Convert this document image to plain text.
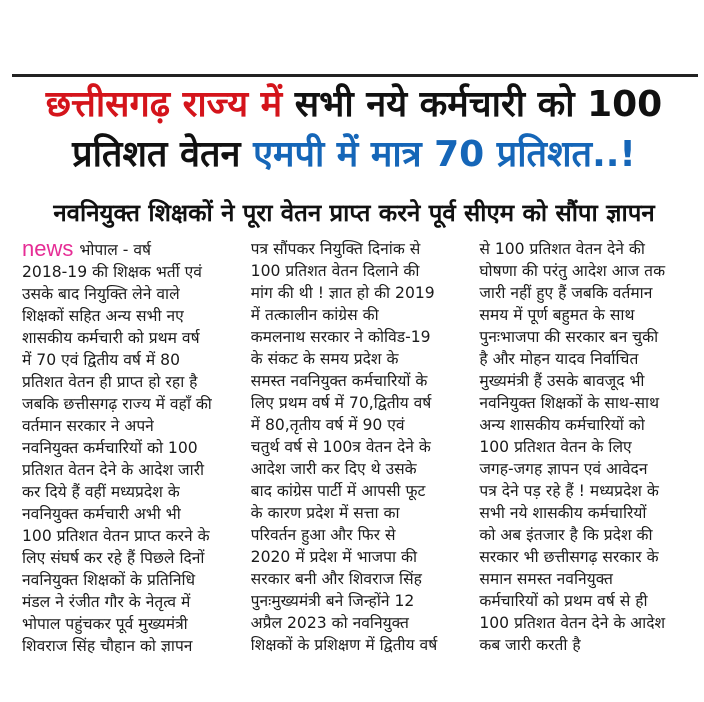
छत्तीसगढ़ राज्य में सभी नये कर्मचारी को 100
प्रतिशत वेतन एमपी में मात्र 70 प्रतिशत..!
नवनियुक्त शिक्षकों ने पूरा वेतन प्राप्त करने पूर्व सीएम को सौंपा ज्ञापन
news भोपाल - वर्ष
2018-19 की शिक्षक भर्ती एवं
उसके बाद नियुक्ति लेने वाले
शिक्षकों सहित अन्य सभी नए
शासकीय कर्मचारी को प्रथम वर्ष
में 70 एवं द्वितीय वर्ष में 80
प्रतिशत वेतन ही प्राप्त हो रहा है
जबकि छत्तीसगढ़ राज्य में वहाँ की
वर्तमान सरकार ने अपने
नवनियुक्त कर्मचारियों को 100
प्रतिशत वेतन देने के आदेश जारी
कर दिये हैं वहीं मध्यप्रदेश के
नवनियुक्त कर्मचारी अभी भी
100 प्रतिशत वेतन प्राप्त करने के
लिए संघर्ष कर रहे हैं पिछले दिनों
नवनियुक्त शिक्षकों के प्रतिनिधि
मंडल ने रंजीत गौर के नेतृत्व में
भोपाल पहुंचकर पूर्व मुख्यमंत्री
शिवराज सिंह चौहान को ज्ञापन
पत्र सौंपकर नियुक्ति दिनांक से
100 प्रतिशत वेतन दिलाने की
मांग की थी ! ज्ञात हो की 2019
में तत्कालीन कांग्रेस की
कमलनाथ सरकार ने कोविड-19
के संकट के समय प्रदेश के
समस्त नवनियुक्त कर्मचारियों के
लिए प्रथम वर्ष में 70,द्वितीय वर्ष
में 80,तृतीय वर्ष में 90 एवं
चतुर्थ वर्ष से 100त्र वेतन देने के
आदेश जारी कर दिए थे उसके
बाद कांग्रेस पार्टी में आपसी फूट
के कारण प्रदेश में सत्ता का
परिवर्तन हुआ और फिर से
2020 में प्रदेश में भाजपा की
सरकार बनी और शिवराज सिंह
पुनःमुख्यमंत्री बने जिन्होंने 12
अप्रैल 2023 को नवनियुक्त
शिक्षकों के प्रशिक्षण में द्वितीय वर्ष
से 100 प्रतिशत वेतन देने की
घोषणा की परंतु आदेश आज तक
जारी नहीं हुए हैं जबकि वर्तमान
समय में पूर्ण बहुमत के साथ
पुनःभाजपा की सरकार बन चुकी
है और मोहन यादव निर्वाचित
मुख्यमंत्री हैं उसके बावजूद भी
नवनियुक्त शिक्षकों के साथ-साथ
अन्य शासकीय कर्मचारियों को
100 प्रतिशत वेतन के लिए
जगह-जगह ज्ञापन एवं आवेदन
पत्र देने पड़ रहे हैं ! मध्यप्रदेश के
सभी नये शासकीय कर्मचारियों
को अब इंतजार है कि प्रदेश की
सरकार भी छत्तीसगढ़ सरकार के
समान समस्त नवनियुक्त
कर्मचारियों को प्रथम वर्ष से ही
100 प्रतिशत वेतन देने के आदेश
कब जारी करती है
